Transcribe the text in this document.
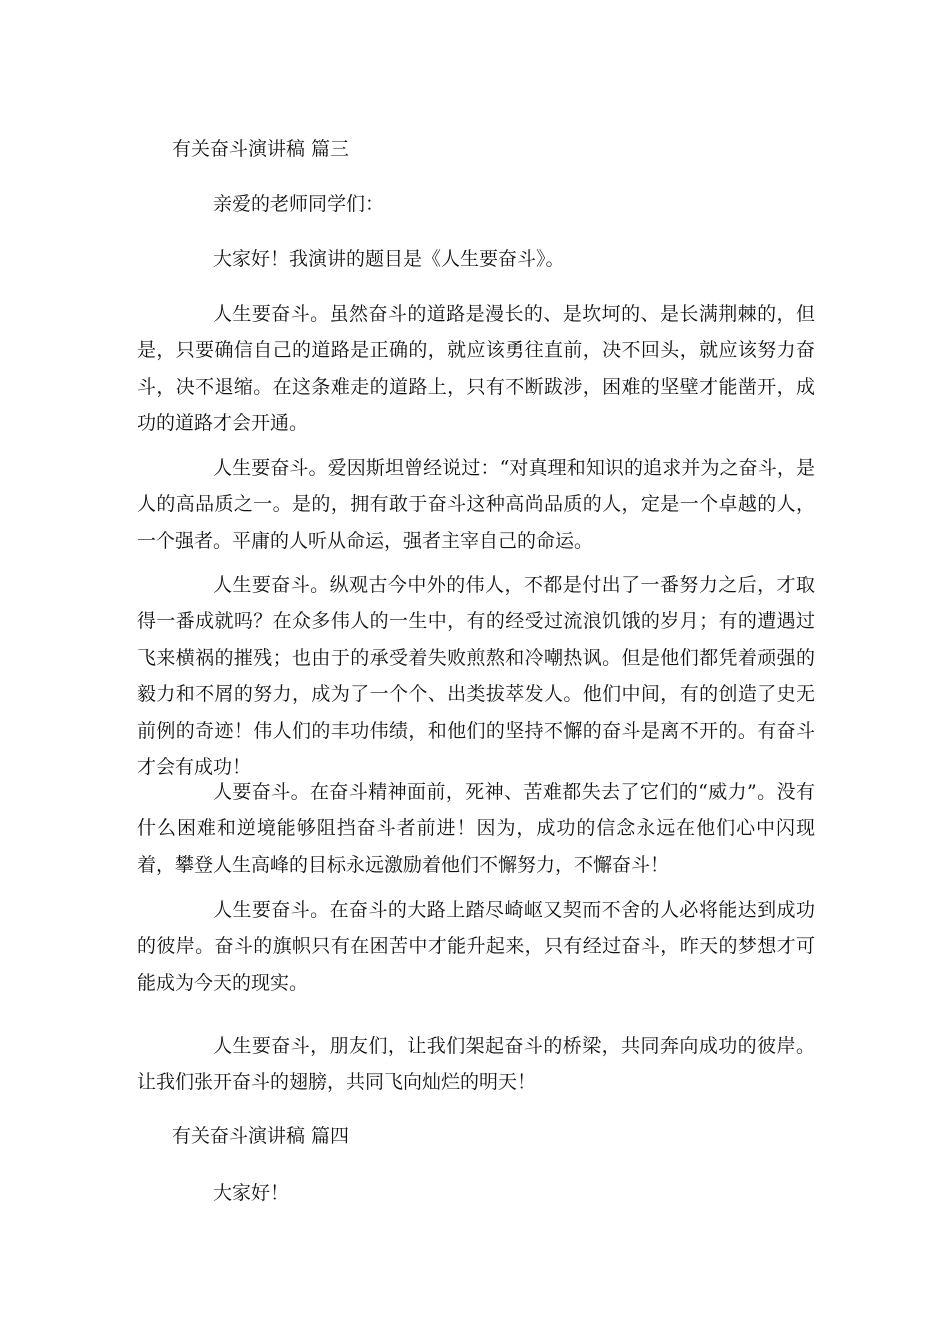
有关奋斗演讲稿 篇三

亲爱的老师同学们：

大家好！我演讲的题目是《人生要奋斗》。

人生要奋斗。虽然奋斗的道路是漫长的、是坎坷的、是长满荆棘的，但是，只要确信自己的道路是正确的，就应该勇往直前，决不回头，就应该努力奋斗，决不退缩。在这条难走的道路上，只有不断跋涉，困难的坚壁才能凿开，成功的道路才会开通。

人生要奋斗。爱因斯坦曾经说过：“对真理和知识的追求并为之奋斗，是人的高品质之一。是的，拥有敢于奋斗这种高尚品质的人，定是一个卓越的人，一个强者。平庸的人听从命运，强者主宰自己的命运。

人生要奋斗。纵观古今中外的伟人，不都是付出了一番努力之后，才取得一番成就吗？在众多伟人的一生中，有的经受过流浪饥饿的岁月；有的遭遇过飞来横祸的摧残；也由于的承受着失败煎熬和冷嘲热讽。但是他们都凭着顽强的毅力和不屑的努力，成为了一个个、出类拔萃发人。他们中间，有的创造了史无前例的奇迹！伟人们的丰功伟绩，和他们的坚持不懈的奋斗是离不开的。有奋斗才会有成功！

人要奋斗。在奋斗精神面前，死神、苦难都失去了它们的“威力”。没有什么困难和逆境能够阻挡奋斗者前进！因为，成功的信念永远在他们心中闪现着，攀登人生高峰的目标永远激励着他们不懈努力，不懈奋斗！

人生要奋斗。在奋斗的大路上踏尽崎岖又契而不舍的人必将能达到成功的彼岸。奋斗的旗帜只有在困苦中才能升起来，只有经过奋斗，昨天的梦想才可能成为今天的现实。

人生要奋斗，朋友们，让我们架起奋斗的桥梁，共同奔向成功的彼岸。让我们张开奋斗的翅膀，共同飞向灿烂的明天！

有关奋斗演讲稿 篇四

大家好！
